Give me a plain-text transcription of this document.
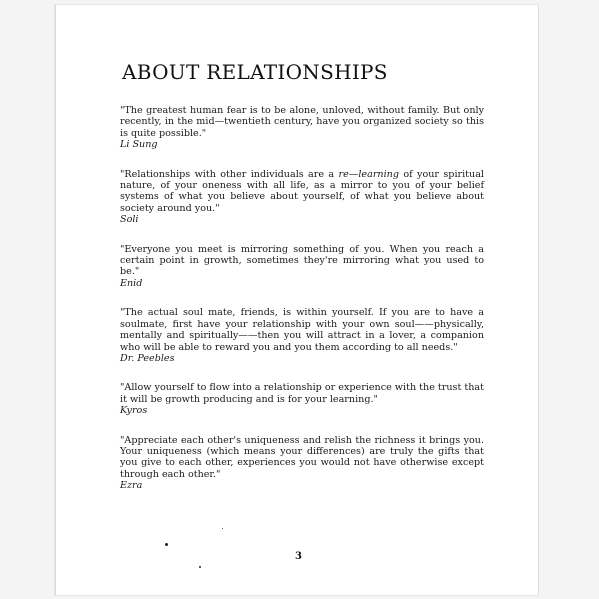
ABOUT RELATIONSHIPS

"The greatest human fear is to be alone, unloved, without family. But only recently, in the mid—twentieth century, have you organized society so this is quite possible."

Li Sung

"Relationships with other individuals are a re—learning of your spiritual nature, of your oneness with all life, as a mirror to you of your belief systems of what you believe about yourself, of what you believe about society around you."

Soli

"Everyone you meet is mirroring something of you. When you reach a certain point in growth, sometimes they're mirroring what you used to be."

Enid

"The actual soul mate, friends, is within yourself. If you are to have a soulmate, first have your relationship with your own soul——physically, mentally and spiritually——then you will attract in a lover, a companion who will be able to reward you and you them according to all needs."

Dr. Peebles

"Allow yourself to flow into a relationship or experience with the trust that it will be growth producing and is for your learning."

Kyros

"Appreciate each other's uniqueness and relish the richness it brings you. Your uniqueness (which means your differences) are truly the gifts that you give to each other, experiences you would not have otherwise except through each other."

Ezra

3
